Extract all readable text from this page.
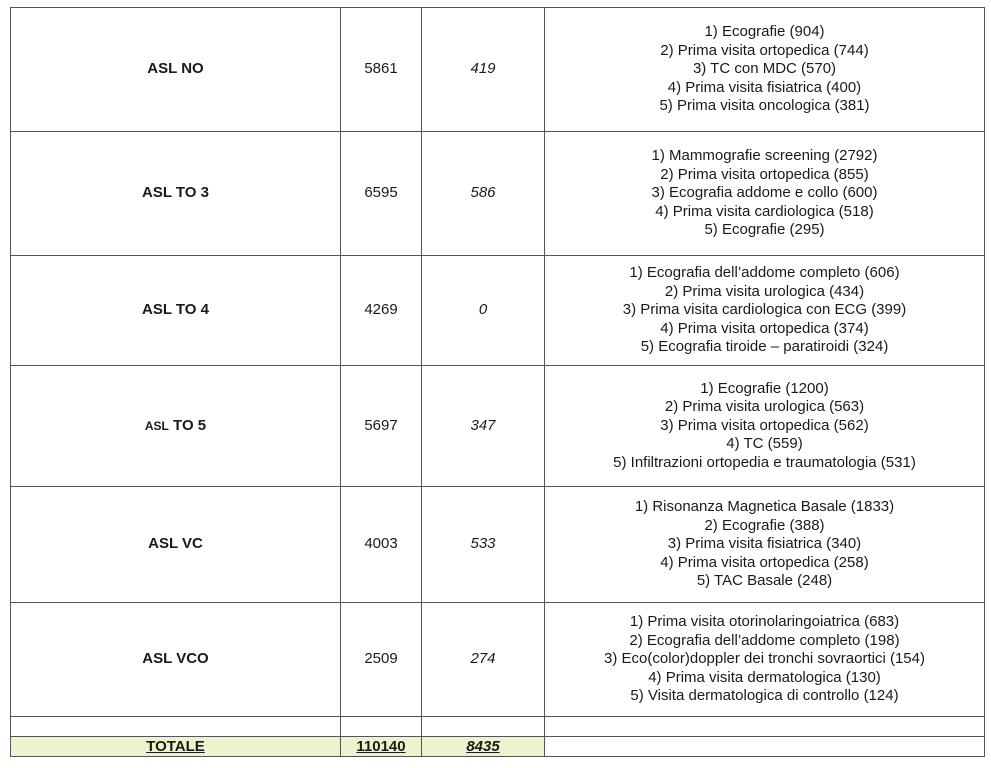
ASL NO	5861	419	1) Ecografie (904)
2) Prima visita ortopedica (744)
3) TC con MDC (570)
4) Prima visita fisiatrica (400)
5) Prima visita oncologica (381)

ASL TO 3	6595	586	1) Mammografie screening (2792)
2) Prima visita ortopedica (855)
3) Ecografia addome e collo (600)
4) Prima visita cardiologica (518)
5) Ecografie (295)

ASL TO 4	4269	0	1) Ecografia dell’addome completo (606)
2) Prima visita urologica (434)
3) Prima visita cardiologica con ECG (399)
4) Prima visita ortopedica (374)
5) Ecografia tiroide – paratiroidi (324)

ASL TO 5	5697	347	1) Ecografie (1200)
2) Prima visita urologica (563)
3) Prima visita ortopedica (562)
4) TC (559)
5) Infiltrazioni ortopedia e traumatologia (531)

ASL VC	4003	533	1) Risonanza Magnetica Basale (1833)
2) Ecografie (388)
3) Prima visita fisiatrica (340)
4) Prima visita ortopedica (258)
5) TAC Basale (248)

ASL VCO	2509	274	1) Prima visita otorinolaringoiatrica (683)
2) Ecografia dell’addome completo (198)
3) Eco(color)doppler dei tronchi sovraortici (154)
4) Prima visita dermatologica (130)
5) Visita dermatologica di controllo (124)

TOTALE	110140	8435	
